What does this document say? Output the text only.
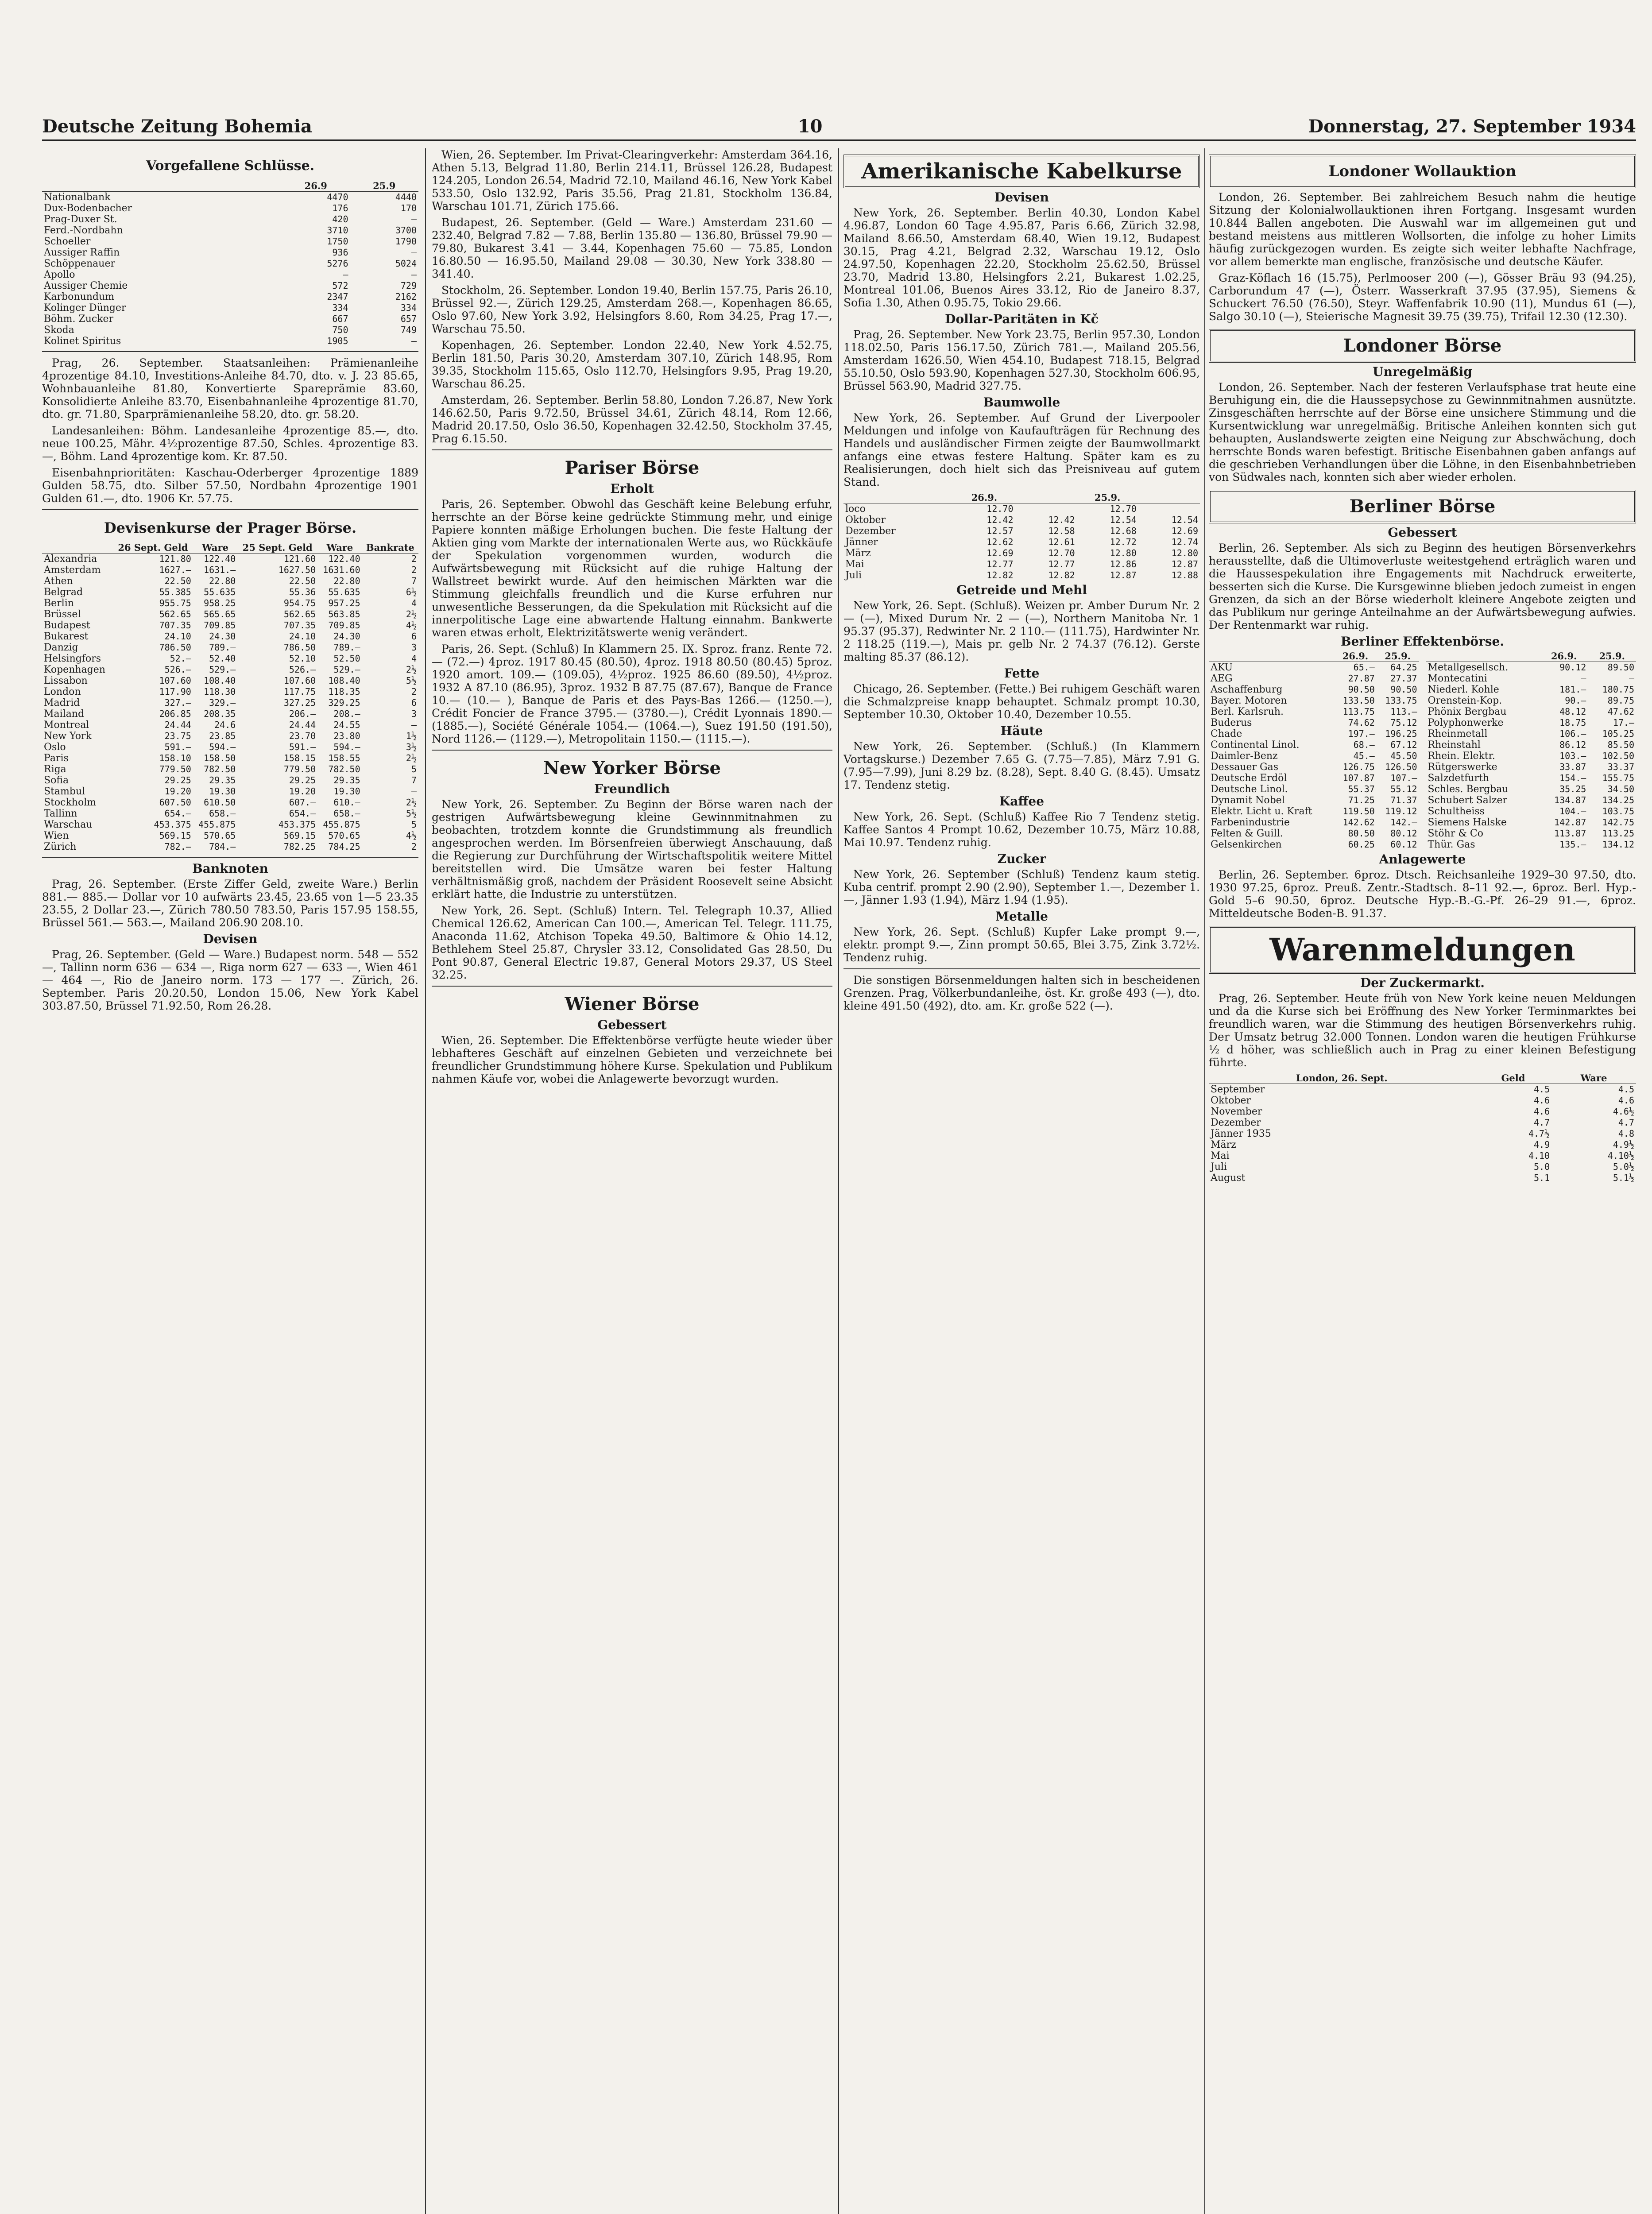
Deutsche Zeitung Bohemia	10	Donnerstag, 27. September 1934
Vorgefallene Schlüsse.
	26.9	25.9
Nationalbank	4470	4440
Dux-Bodenbacher	176	170
Prag-Duxer St.	420	—
Ferd.-Nordbahn	3710	3700
Schoeller	1750	1790
Aussiger Raffin	936	—
Schöppenauer	5276	5024
Apollo	—	—
Aussiger Chemie	572	729
Karbonundum	2347	2162
Kolinger Dünger	334	334
Böhm. Zucker	667	657
Skoda	750	749
Kolinet Spiritus	1905	—

Prag, 26. September. Staatsanleihen: Prämienanleihe 4prozentige 84.10, Investitions-Anleihe 84.70, dto. v. J. 23 85.65, Wohnbauanleihe 81.80, Konvertierte Spareprämie 83.60, Konsolidierte Anleihe 83.70, Eisenbahnanleihe 4prozentige 81.70, dto. gr. 71.80, Sparprämienanleihe 58.20, dto. gr. 58.20.

Landesanleihen: Böhm. Landesanleihe 4prozentige 85.—, dto. neue 100.25, Mähr. 4½prozentige 87.50, Schles. 4prozentige 83.—, Böhm. Land 4prozentige kom. Kr. 87.50.

Eisenbahnprioritäten: Kaschau-Oderberger 4prozentige 1889 Gulden 58.75, dto. Silber 57.50, Nordbahn 4prozentige 1901 Gulden 61.—, dto. 1906 Kr. 57.75.

Devisenkurse der Prager Börse.
	26 Sept. Geld	Ware	25 Sept. Geld	Ware	Bankrate
Alexandria	121.80	122.40	121.60	122.40	2
Amsterdam	1627.—	1631.—	1627.50	1631.60	2
Athen	22.50	22.80	22.50	22.80	7
Belgrad	55.385	55.635	55.36	55.635	6½
Berlin	955.75	958.25	954.75	957.25	4
Brüssel	562.65	565.65	562.65	563.85	2½
Budapest	707.35	709.85	707.35	709.85	4½
Bukarest	24.10	24.30	24.10	24.30	6
Danzig	786.50	789.—	786.50	789.—	3
Helsingfors	52.—	52.40	52.10	52.50	4
Kopenhagen	526.—	529.—	526.—	529.—	2½
Lissabon	107.60	108.40	107.60	108.40	5½
London	117.90	118.30	117.75	118.35	2
Madrid	327.—	329.—	327.25	329.25	6
Mailand	206.85	208.35	206.—	208.—	3
Montreal	24.44	24.6	24.44	24.55	—
New York	23.75	23.85	23.70	23.80	1½
Oslo	591.—	594.—	591.—	594.—	3½
Paris	158.10	158.50	158.15	158.55	2½
Riga	779.50	782.50	779.50	782.50	5
Sofia	29.25	29.35	29.25	29.35	7
Stambul	19.20	19.30	19.20	19.30	—
Stockholm	607.50	610.50	607.—	610.—	2½
Tallinn	654.—	658.—	654.—	658.—	5½
Warschau	453.375	455.875	453.375	455.875	5
Wien	569.15	570.65	569.15	570.65	4½
Zürich	782.—	784.—	782.25	784.25	2
Banknoten

Prag, 26. September. (Erste Ziffer Geld, zweite Ware.) Berlin 881.— 885.— Dollar vor 10 aufwärts 23.45, 23.65 von 1—5 23.35 23.55, 2 Dollar 23.—, Zürich 780.50 783.50, Paris 157.95 158.55, Brüssel 561.— 563.—, Mailand 206.90 208.10.

Devisen

Prag, 26. September. (Geld — Ware.) Budapest norm. 548 — 552 —, Tallinn norm 636 — 634 —, Riga norm 627 — 633 —, Wien 461 — 464 —, Rio de Janeiro norm. 173 — 177 —. Zürich, 26. September. Paris 20.20.50, London 15.06, New York Kabel 303.87.50, Brüssel 71.92.50, Rom 26.28.

Wien, 26. September. Im Privat-Clearingverkehr: Amsterdam 364.16, Athen 5.13, Belgrad 11.80, Berlin 214.11, Brüssel 126.28, Budapest 124.205, London 26.54, Madrid 72.10, Mailand 46.16, New York Kabel 533.50, Oslo 132.92, Paris 35.56, Prag 21.81, Stockholm 136.84, Warschau 101.71, Zürich 175.66.

Budapest, 26. September. (Geld — Ware.) Amsterdam 231.60 — 232.40, Belgrad 7.82 — 7.88, Berlin 135.80 — 136.80, Brüssel 79.90 — 79.80, Bukarest 3.41 — 3.44, Kopenhagen 75.60 — 75.85, London 16.80.50 — 16.95.50, Mailand 29.08 — 30.30, New York 338.80 — 341.40.

Stockholm, 26. September. London 19.40, Berlin 157.75, Paris 26.10, Brüssel 92.—, Zürich 129.25, Amsterdam 268.—, Kopenhagen 86.65, Oslo 97.60, New York 3.92, Helsingfors 8.60, Rom 34.25, Prag 17.—, Warschau 75.50.

Kopenhagen, 26. September. London 22.40, New York 4.52.75, Berlin 181.50, Paris 30.20, Amsterdam 307.10, Zürich 148.95, Rom 39.35, Stockholm 115.65, Oslo 112.70, Helsingfors 9.95, Prag 19.20, Warschau 86.25.

Amsterdam, 26. September. Berlin 58.80, London 7.26.87, New York 146.62.50, Paris 9.72.50, Brüssel 34.61, Zürich 48.14, Rom 12.66, Madrid 20.17.50, Oslo 36.50, Kopenhagen 32.42.50, Stockholm 37.45, Prag 6.15.50.

Pariser Börse
Erholt

Paris, 26. September. Obwohl das Geschäft keine Belebung erfuhr, herrschte an der Börse keine gedrückte Stimmung mehr, und einige Papiere konnten mäßige Erholungen buchen. Die feste Haltung der Aktien ging vom Markte der internationalen Werte aus, wo Rückkäufe der Spekulation vorgenommen wurden, wodurch die Aufwärtsbewegung mit Rücksicht auf die ruhige Haltung der Wallstreet bewirkt wurde. Auf den heimischen Märkten war die Stimmung gleichfalls freundlich und die Kurse erfuhren nur unwesentliche Besserungen, da die Spekulation mit Rücksicht auf die innerpolitische Lage eine abwartende Haltung einnahm. Bankwerte waren etwas erholt, Elektrizitätswerte wenig verändert.

Paris, 26. Sept. (Schluß) In Klammern 25. IX. Sproz. franz. Rente 72.— (72.—) 4proz. 1917 80.45 (80.50), 4proz. 1918 80.50 (80.45) 5proz. 1920 amort. 109.— (109.05), 4½proz. 1925 86.60 (89.50), 4½proz. 1932 A 87.10 (86.95), 3proz. 1932 B 87.75 (87.67), Banque de France 10.— (10.— ), Banque de Paris et des Pays-Bas 1266.— (1250.—), Crédit Foncier de France 3795.— (3780.—), Crédit Lyonnais 1890.— (1885.—), Société Générale 1054.— (1064.—), Suez 191.50 (191.50), Nord 1126.— (1129.—), Metropolitain 1150.— (1115.—).

New Yorker Börse
Freundlich

New York, 26. September. Zu Beginn der Börse waren nach der gestrigen Aufwärtsbewegung kleine Gewinnmitnahmen zu beobachten, trotzdem konnte die Grundstimmung als freundlich angesprochen werden. Im Börsenfreien überwiegt Anschauung, daß die Regierung zur Durchführung der Wirtschaftspolitik weitere Mittel bereitstellen wird. Die Umsätze waren bei fester Haltung verhältnismäßig groß, nachdem der Präsident Roosevelt seine Absicht erklärt hatte, die Industrie zu unterstützen.

New York, 26. Sept. (Schluß) Intern. Tel. Telegraph 10.37, Allied Chemical 126.62, American Can 100.—, American Tel. Telegr. 111.75, Anaconda 11.62, Atchison Topeka 49.50, Baltimore & Ohio 14.12, Bethlehem Steel 25.87, Chrysler 33.12, Consolidated Gas 28.50, Du Pont 90.87, General Electric 19.87, General Motors 29.37, US Steel 32.25.

Wiener Börse
Gebessert

Wien, 26. September. Die Effektenbörse verfügte heute wieder über lebhafteres Geschäft auf einzelnen Gebieten und verzeichnete bei freundlicher Grundstimmung höhere Kurse. Spekulation und Publikum nahmen Käufe vor, wobei die Anlagewerte bevorzugt wurden.

Amerikanische Kabelkurse
Devisen

New York, 26. September. Berlin 40.30, London Kabel 4.96.87, London 60 Tage 4.95.87, Paris 6.66, Zürich 32.98, Mailand 8.66.50, Amsterdam 68.40, Wien 19.12, Budapest 30.15, Prag 4.21, Belgrad 2.32, Warschau 19.12, Oslo 24.97.50, Kopenhagen 22.20, Stockholm 25.62.50, Brüssel 23.70, Madrid 13.80, Helsingfors 2.21, Bukarest 1.02.25, Montreal 101.06, Buenos Aires 33.12, Rio de Janeiro 8.37, Sofia 1.30, Athen 0.95.75, Tokio 29.66.

Dollar-Paritäten in Kč

Prag, 26. September. New York 23.75, Berlin 957.30, London 118.02.50, Paris 156.17.50, Zürich 781.—, Mailand 205.56, Amsterdam 1626.50, Wien 454.10, Budapest 718.15, Belgrad 55.10.50, Oslo 593.90, Kopenhagen 527.30, Stockholm 606.95, Brüssel 563.90, Madrid 327.75.

Baumwolle

New York, 26. September. Auf Grund der Liverpooler Meldungen und infolge von Kaufaufträgen für Rechnung des Handels und ausländischer Firmen zeigte der Baumwollmarkt anfangs eine etwas festere Haltung. Später kam es zu Realisierungen, doch hielt sich das Preisniveau auf gutem Stand.

	26.9.		25.9.	
loco	12.70		12.70	
Oktober	12.42	12.42	12.54	12.54
Dezember	12.57	12.58	12.68	12.69
Jänner	12.62	12.61	12.72	12.74
März	12.69	12.70	12.80	12.80
Mai	12.77	12.77	12.86	12.87
Juli	12.82	12.82	12.87	12.88
Getreide und Mehl

New York, 26. Sept. (Schluß). Weizen pr. Amber Durum Nr. 2 — (—), Mixed Durum Nr. 2 — (—), Northern Manitoba Nr. 1 95.37 (95.37), Redwinter Nr. 2 110.— (111.75), Hardwinter Nr. 2 118.25 (119.—), Mais pr. gelb Nr. 2 74.37 (76.12). Gerste malting 85.37 (86.12).

Fette

Chicago, 26. September. (Fette.) Bei ruhigem Geschäft waren die Schmalzpreise knapp behauptet. Schmalz prompt 10.30, September 10.30, Oktober 10.40, Dezember 10.55.

Häute

New York, 26. September. (Schluß.) (In Klammern Vortagskurse.) Dezember 7.65 G. (7.75—7.85), März 7.91 G. (7.95—7.99), Juni 8.29 bz. (8.28), Sept. 8.40 G. (8.45). Umsatz 17. Tendenz stetig.

Kaffee

New York, 26. Sept. (Schluß) Kaffee Rio 7 Tendenz stetig. Kaffee Santos 4 Prompt 10.62, Dezember 10.75, März 10.88, Mai 10.97. Tendenz ruhig.

Zucker

New York, 26. September (Schluß) Tendenz kaum stetig. Kuba centrif. prompt 2.90 (2.90), September 1.—, Dezember 1.—, Jänner 1.93 (1.94), März 1.94 (1.95).

Metalle

New York, 26. Sept. (Schluß) Kupfer Lake prompt 9.—, elektr. prompt 9.—, Zinn prompt 50.65, Blei 3.75, Zink 3.72½. Tendenz ruhig.

Die sonstigen Börsenmeldungen halten sich in bescheidenen Grenzen. Prag, Völkerbundanleihe, öst. Kr. große 493 (—), dto. kleine 491.50 (492), dto. am. Kr. große 522 (—).

Londoner Wollauktion

London, 26. September. Bei zahlreichem Besuch nahm die heutige Sitzung der Kolonialwollauktionen ihren Fortgang. Insgesamt wurden 10.844 Ballen angeboten. Die Auswahl war im allgemeinen gut und bestand meistens aus mittleren Wollsorten, die infolge zu hoher Limits häufig zurückgezogen wurden. Es zeigte sich weiter lebhafte Nachfrage, vor allem bemerkte man englische, französische und deutsche Käufer.

Graz-Köflach 16 (15.75), Perlmooser 200 (—), Gösser Bräu 93 (94.25), Carborundum 47 (—), Österr. Wasserkraft 37.95 (37.95), Siemens & Schuckert 76.50 (76.50), Steyr. Waffenfabrik 10.90 (11), Mundus 61 (—), Salgo 30.10 (—), Steierische Magnesit 39.75 (39.75), Trifail 12.30 (12.30).

Londoner Börse
Unregelmäßig

London, 26. September. Nach der festeren Verlaufsphase trat heute eine Beruhigung ein, die die Haussepsychose zu Gewinnmitnahmen ausnützte. Zinsgeschäften herrschte auf der Börse eine unsichere Stimmung und die Kursentwicklung war unregelmäßig. Britische Anleihen konnten sich gut behaupten, Auslandswerte zeigten eine Neigung zur Abschwächung, doch herrschte Bonds waren befestigt. Britische Eisenbahnen gaben anfangs auf die geschrieben Verhandlungen über die Löhne, in den Eisenbahnbetrieben von Südwales nach, konnten sich aber wieder erholen.

Berliner Börse
Gebessert

Berlin, 26. September. Als sich zu Beginn des heutigen Börsenverkehrs herausstellte, daß die Ultimoverluste weitestgehend erträglich waren und die Haussespekulation ihre Engagements mit Nachdruck erweiterte, besserten sich die Kurse. Die Kursgewinne blieben jedoch zumeist in engen Grenzen, da sich an der Börse wiederholt kleinere Angebote zeigten und das Publikum nur geringe Anteilnahme an der Aufwärtsbewegung aufwies. Der Rentenmarkt war ruhig.

Berliner Effektenbörse.
	26.9.	25.9.
AKU	65.—	64.25
AEG	27.87	27.37
Aschaffenburg	90.50	90.50
Bayer. Motoren	133.50	133.75
Berl. Karlsruh.	113.75	113.—
Buderus	74.62	75.12
Chade	197.—	196.25
Continental Linol.	68.—	67.12
Daimler-Benz	45.—	45.50
Dessauer Gas	126.75	126.50
Deutsche Erdöl	107.87	107.—
Deutsche Linol.	55.37	55.12
Dynamit Nobel	71.25	71.37
Elektr. Licht u. Kraft	119.50	119.12
Farbenindustrie	142.62	142.—
Felten & Guill.	80.50	80.12
Gelsenkirchen	60.25	60.12
	26.9.	25.9.
Metallgesellsch.	90.12	89.50
Montecatini	—	—
Niederl. Kohle	181.—	180.75
Orenstein-Kop.	90.—	89.75
Phönix Bergbau	48.12	47.62
Polyphonwerke	18.75	17.—
Rheinmetall	106.—	105.25
Rheinstahl	86.12	85.50
Rhein. Elektr.	103.—	102.50
Rütgerswerke	33.87	33.37
Salzdetfurth	154.—	155.75
Schles. Bergbau	35.25	34.50
Schubert Salzer	134.87	134.25
Schultheiss	104.—	103.75
Siemens Halske	142.87	142.75
Stöhr & Co	113.87	113.25
Thür. Gas	135.—	134.12
Anlagewerte

Berlin, 26. September. 6proz. Dtsch. Reichsanleihe 1929–30 97.50, dto. 1930 97.25, 6proz. Preuß. Zentr.-Stadtsch. 8–11 92.—, 6proz. Berl. Hyp.-Gold 5–6 90.50, 6proz. Deutsche Hyp.-B.-G.-Pf. 26–29 91.—, 6proz. Mitteldeutsche Boden-B. 91.37.

Warenmeldungen
Der Zuckermarkt.

Prag, 26. September. Heute früh von New York keine neuen Meldungen und da die Kurse sich bei Eröffnung des New Yorker Terminmarktes bei freundlich waren, war die Stimmung des heutigen Börsenverkehrs ruhig. Der Umsatz betrug 32.000 Tonnen. London waren die heutigen Frühkurse ½ d höher, was schließlich auch in Prag zu einer kleinen Befestigung führte.

London, 26. Sept.	Geld	Ware
September	4.5	4.5
Oktober	4.6	4.6
November	4.6	4.6½
Dezember	4.7	4.7
Jänner 1935	4.7½	4.8
März	4.9	4.9½
Mai	4.10	4.10½
Juli	5.0	5.0½
August	5.1	5.1½
